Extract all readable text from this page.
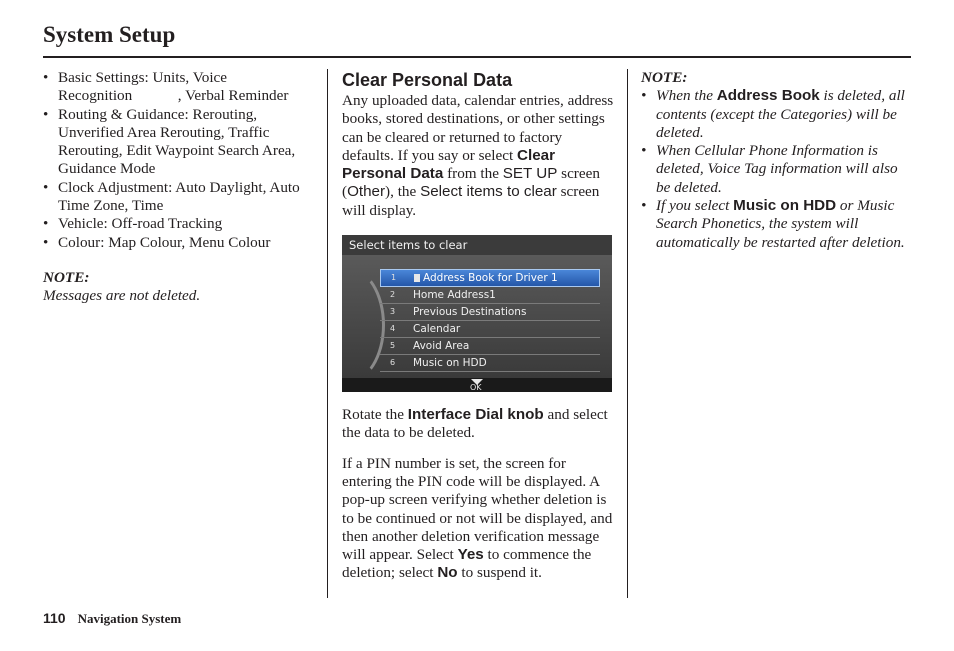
System Setup
• Basic Settings: Units, Voice Recognition            , Verbal Reminder
• Routing & Guidance: Rerouting, Unverified Area Rerouting, Traffic Rerouting, Edit Waypoint Search Area, Guidance Mode
• Clock Adjustment: Auto Daylight, Auto Time Zone, Time
• Vehicle: Off-road Tracking
• Colour: Map Colour, Menu Colour
NOTE:
Messages are not deleted.
Clear Personal Data

Any uploaded data, calendar entries, address books, stored destinations, or other settings can be cleared or returned to factory defaults. If you say or select Clear Personal Data from the SET UP screen (Other), the Select items to clear screen will display.

Select items to clear
1	Address Book for Driver 1
2 Home Address1
3 Previous Destinations
4 Calendar
5 Avoid Area
6 Music on HDD
OK

Rotate the Interface Dial knob and select the data to be deleted.

If a PIN number is set, the screen for entering the PIN code will be displayed. A pop-up screen verifying whether deletion is to be continued or not will be displayed, and then another deletion verification message will appear. Select Yes to commence the deletion; select No to suspend it.

NOTE:
• When the Address Book is deleted, all contents (except the Categories) will be deleted.
• When Cellular Phone Information is deleted, Voice Tag information will also be deleted.
• If you select Music on HDD or Music Search Phonetics, the system will automatically be restarted after deletion.
110 Navigation System
